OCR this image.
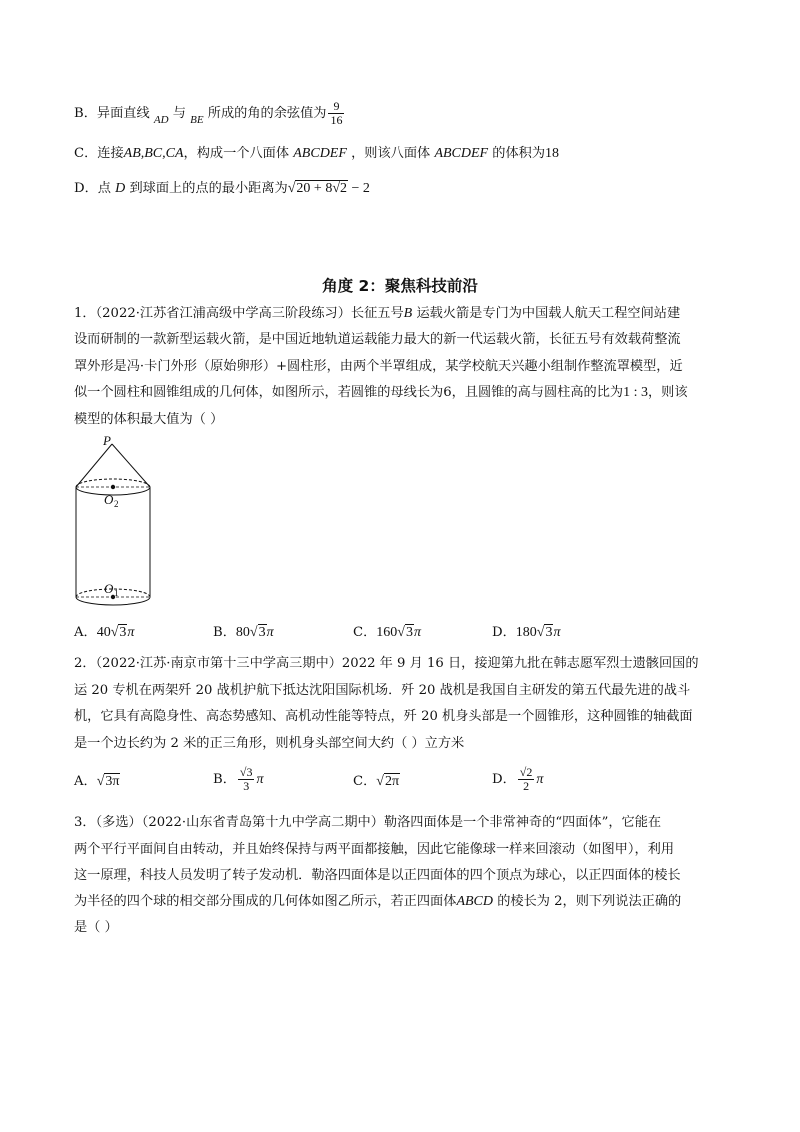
B．异面直线 $_{AD}$ 与 $_{BE}$ 所成的角的余弦值为 $\frac{9}{16}$
C．连接AB,BC,CA，构成一个八面体 ABCDEF ，则该八面体 ABCDEF 的体积为18
D．点 D 到球面上的点的最小距离为√20 + 8√2 − 2
角度 2：聚焦科技前沿
1．（2022·江苏省江浦高级中学高三阶段练习）长征五号B 运载火箭是专门为中国载人航天工程空间站建
设而研制的一款新型运载火箭，是中国近地轨道运载能力最大的新一代运载火箭，长征五号有效载荷整流
罩外形是冯·卡门外形（原始卵形）+圆柱形，由两个半罩组成，某学校航天兴趣小组制作整流罩模型，近
似一个圆柱和圆锥组成的几何体，如图所示，若圆锥的母线长为6，且圆锥的高与圆柱高的比为1 : 3，则该
模型的体积最大值为（ ）
P
O 2
O 1
A．40√3π	B．80√3π	C．160√3π	D．180√3π
2．（2022·江苏·南京市第十三中学高三期中）2022 年 9 月 16 日，接迎第九批在韩志愿军烈士遗骸回国的
运 20 专机在两架歼 20 战机护航下抵达沈阳国际机场．歼 20 战机是我国自主研发的第五代最先进的战斗
机，它具有高隐身性、高态势感知、高机动性能等特点，歼 20 机身头部是一个圆锥形，这种圆锥的轴截面
是一个边长约为 2 米的正三角形，则机身头部空间大约（ ）立方米
A．√3π	B． $\frac{√3}{3}$ π	C．√2π	D． $\frac{√2}{2}$ π
3．（多选）（2022·山东省青岛第十九中学高二期中）勒洛四面体是一个非常神奇的“四面体”，它能在
两个平行平面间自由转动，并且始终保持与两平面都接触，因此它能像球一样来回滚动（如图甲），利用
这一原理，科技人员发明了转子发动机．勒洛四面体是以正四面体的四个顶点为球心，以正四面体的棱长
为半径的四个球的相交部分围成的几何体如图乙所示，若正四面体ABCD 的棱长为 2，则下列说法正确的
是（ ）
